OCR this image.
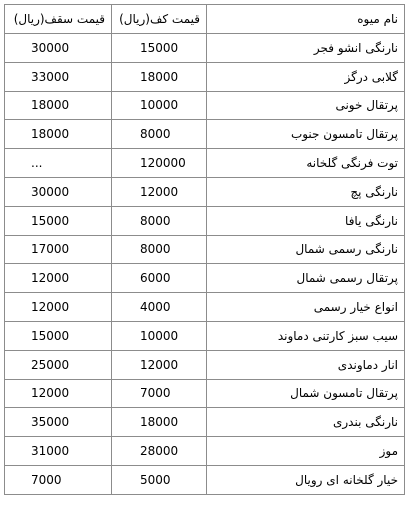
نام میوه	قیمت کف(ریال)	قیمت سقف(ریال)
نارنگی انشو فجر	15000	30000
گلابی درگز	18000	33000
پرتقال خونی	10000	18000
پرتقال تامسون جنوب	8000	18000
توت فرنگی گلخانه	120000	...
نارنگی پچ	12000	30000
نارنگی یافا	8000	15000
نارنگی رسمی شمال	8000	17000
پرتقال رسمی شمال	6000	12000
انواع خیار رسمی	4000	12000
سیب سبز کارتنی دماوند	10000	15000
انار دماوندی	12000	25000
پرتقال تامسون شمال	7000	12000
نارنگی بندری	18000	35000
موز	28000	31000
خیار گلخانه ای رویال	5000	7000
